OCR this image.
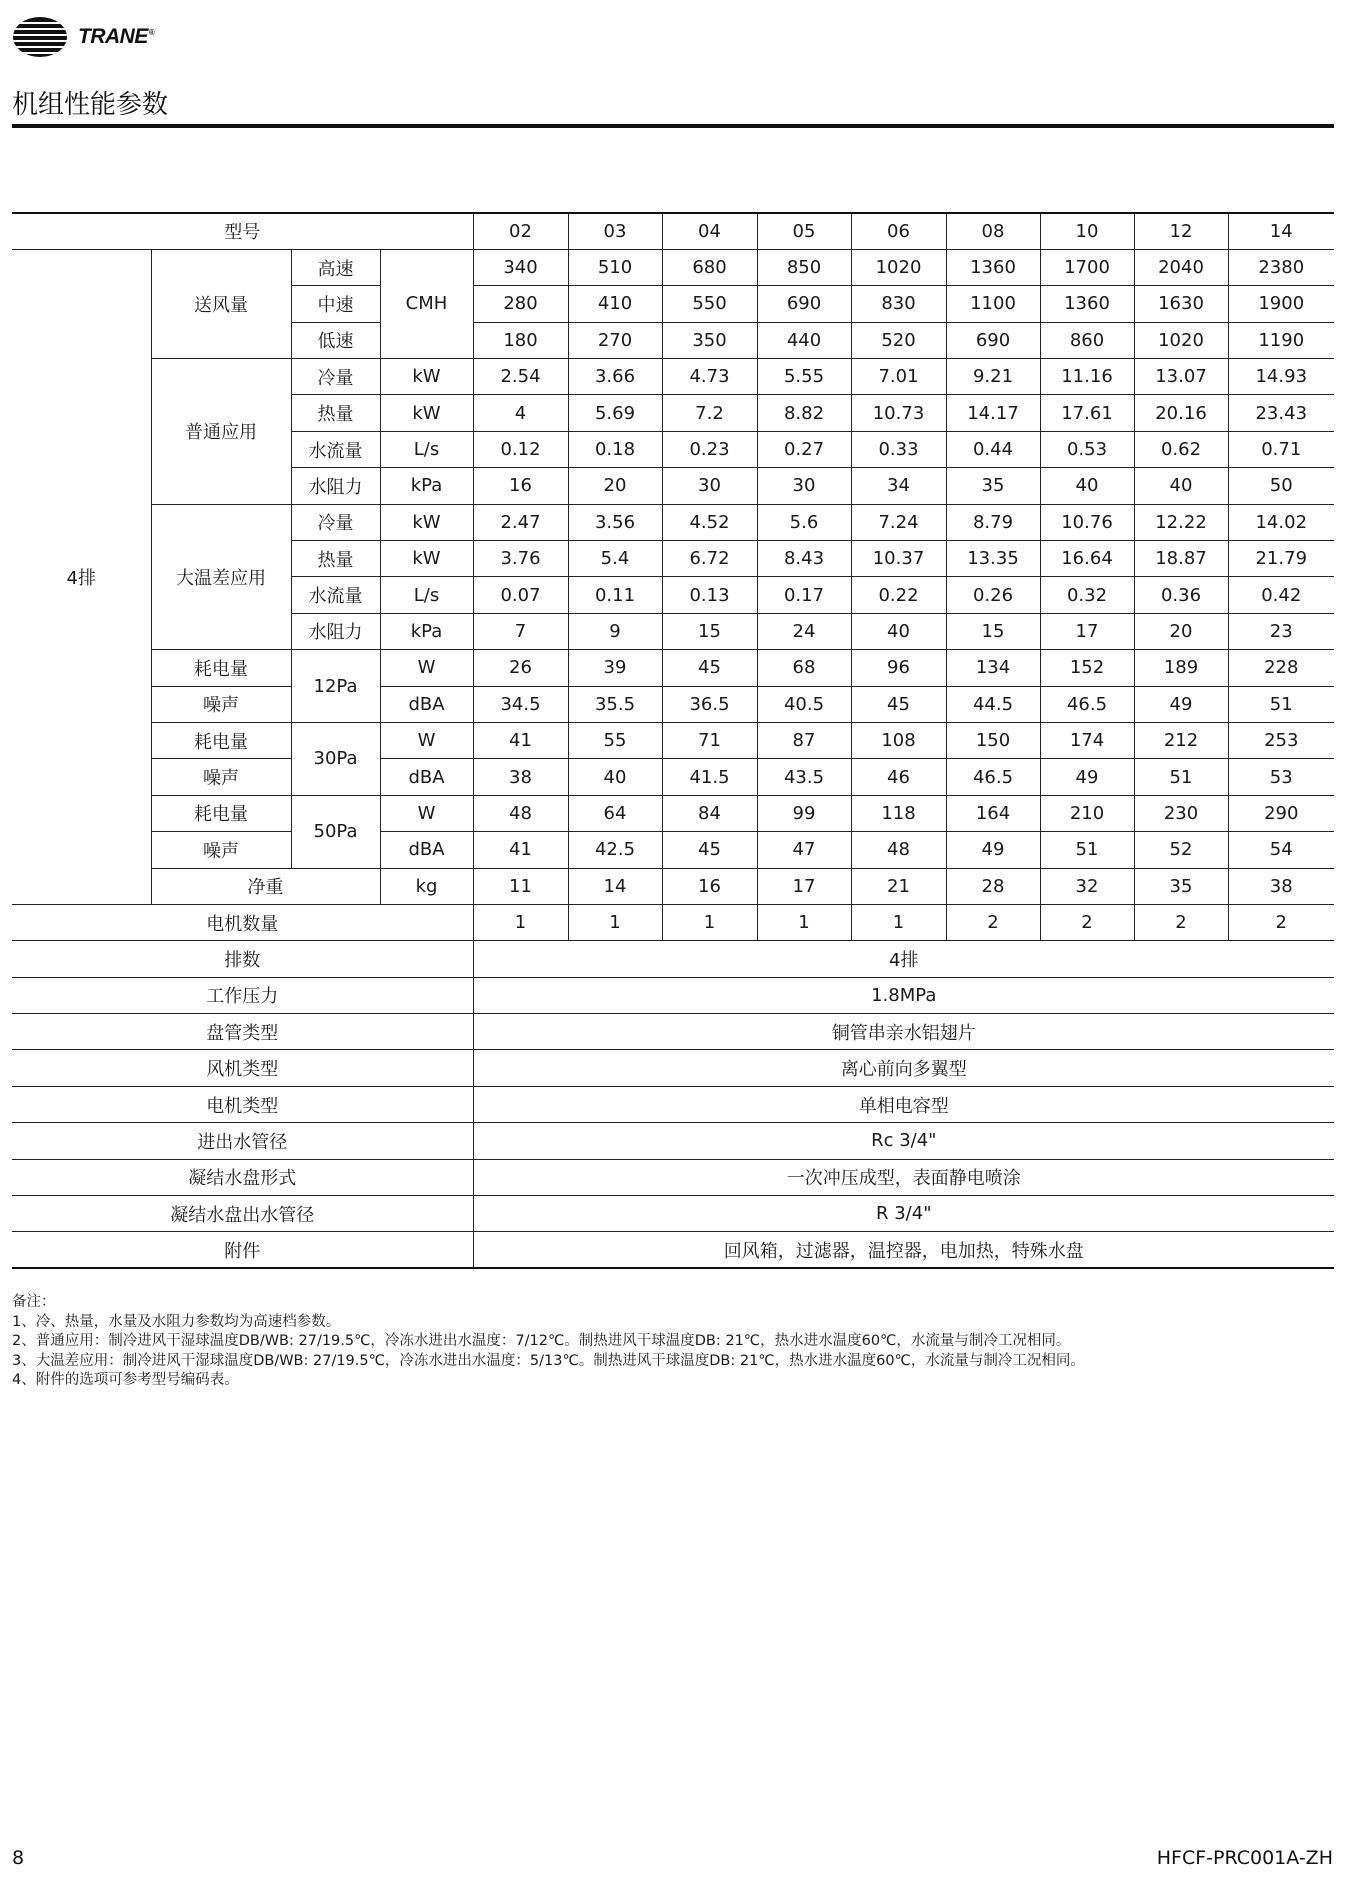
TRANE®
机组性能参数
型号				02	03	04	05	06	08	10	12	14
4排	送风量	高速	CMH	340	510	680	850	1020	1360	1700	2040	2380
		中速		280	410	550	690	830	1100	1360	1630	1900
		低速		180	270	350	440	520	690	860	1020	1190
	普通应用	冷量	kW	2.54	3.66	4.73	5.55	7.01	9.21	11.16	13.07	14.93
		热量	kW	4	5.69	7.2	8.82	10.73	14.17	17.61	20.16	23.43
		水流量	L/s	0.12	0.18	0.23	0.27	0.33	0.44	0.53	0.62	0.71
		水阻力	kPa	16	20	30	30	34	35	40	40	50
	大温差应用	冷量	kW	2.47	3.56	4.52	5.6	7.24	8.79	10.76	12.22	14.02
		热量	kW	3.76	5.4	6.72	8.43	10.37	13.35	16.64	18.87	21.79
		水流量	L/s	0.07	0.11	0.13	0.17	0.22	0.26	0.32	0.36	0.42
		水阻力	kPa	7	9	15	24	40	15	17	20	23
	耗电量	12Pa	W	26	39	45	68	96	134	152	189	228
	噪声		dBA	34.5	35.5	36.5	40.5	45	44.5	46.5	49	51
	耗电量	30Pa	W	41	55	71	87	108	150	174	212	253
	噪声		dBA	38	40	41.5	43.5	46	46.5	49	51	53
	耗电量	50Pa	W	48	64	84	99	118	164	210	230	290
	噪声		dBA	41	42.5	45	47	48	49	51	52	54
	净重		kg	11	14	16	17	21	28	32	35	38
电机数量				1	1	1	1	1	2	2	2	2
排数				4排								
工作压力				1.8MPa								
盘管类型				铜管串亲水铝翅片								
风机类型				离心前向多翼型								
电机类型				单相电容型								
进出水管径				Rc 3/4"								
凝结水盘形式				一次冲压成型，表面静电喷涂								
凝结水盘出水管径				R 3/4"								
附件				回风箱，过滤器，温控器，电加热，特殊水盘								
备注：
1、冷、热量，水量及水阻力参数均为高速档参数。
2、普通应用：制冷进风干湿球温度DB/WB: 27/19.5℃，冷冻水进出水温度：7/12℃。制热进风干球温度DB: 21℃，热水进水温度60℃，水流量与制冷工况相同。
3、大温差应用：制冷进风干湿球温度DB/WB: 27/19.5℃，冷冻水进出水温度：5/13℃。制热进风干球温度DB: 21℃，热水进水温度60℃，水流量与制冷工况相同。
4、附件的选项可参考型号编码表。
8	HFCF-PRC001A-ZH
